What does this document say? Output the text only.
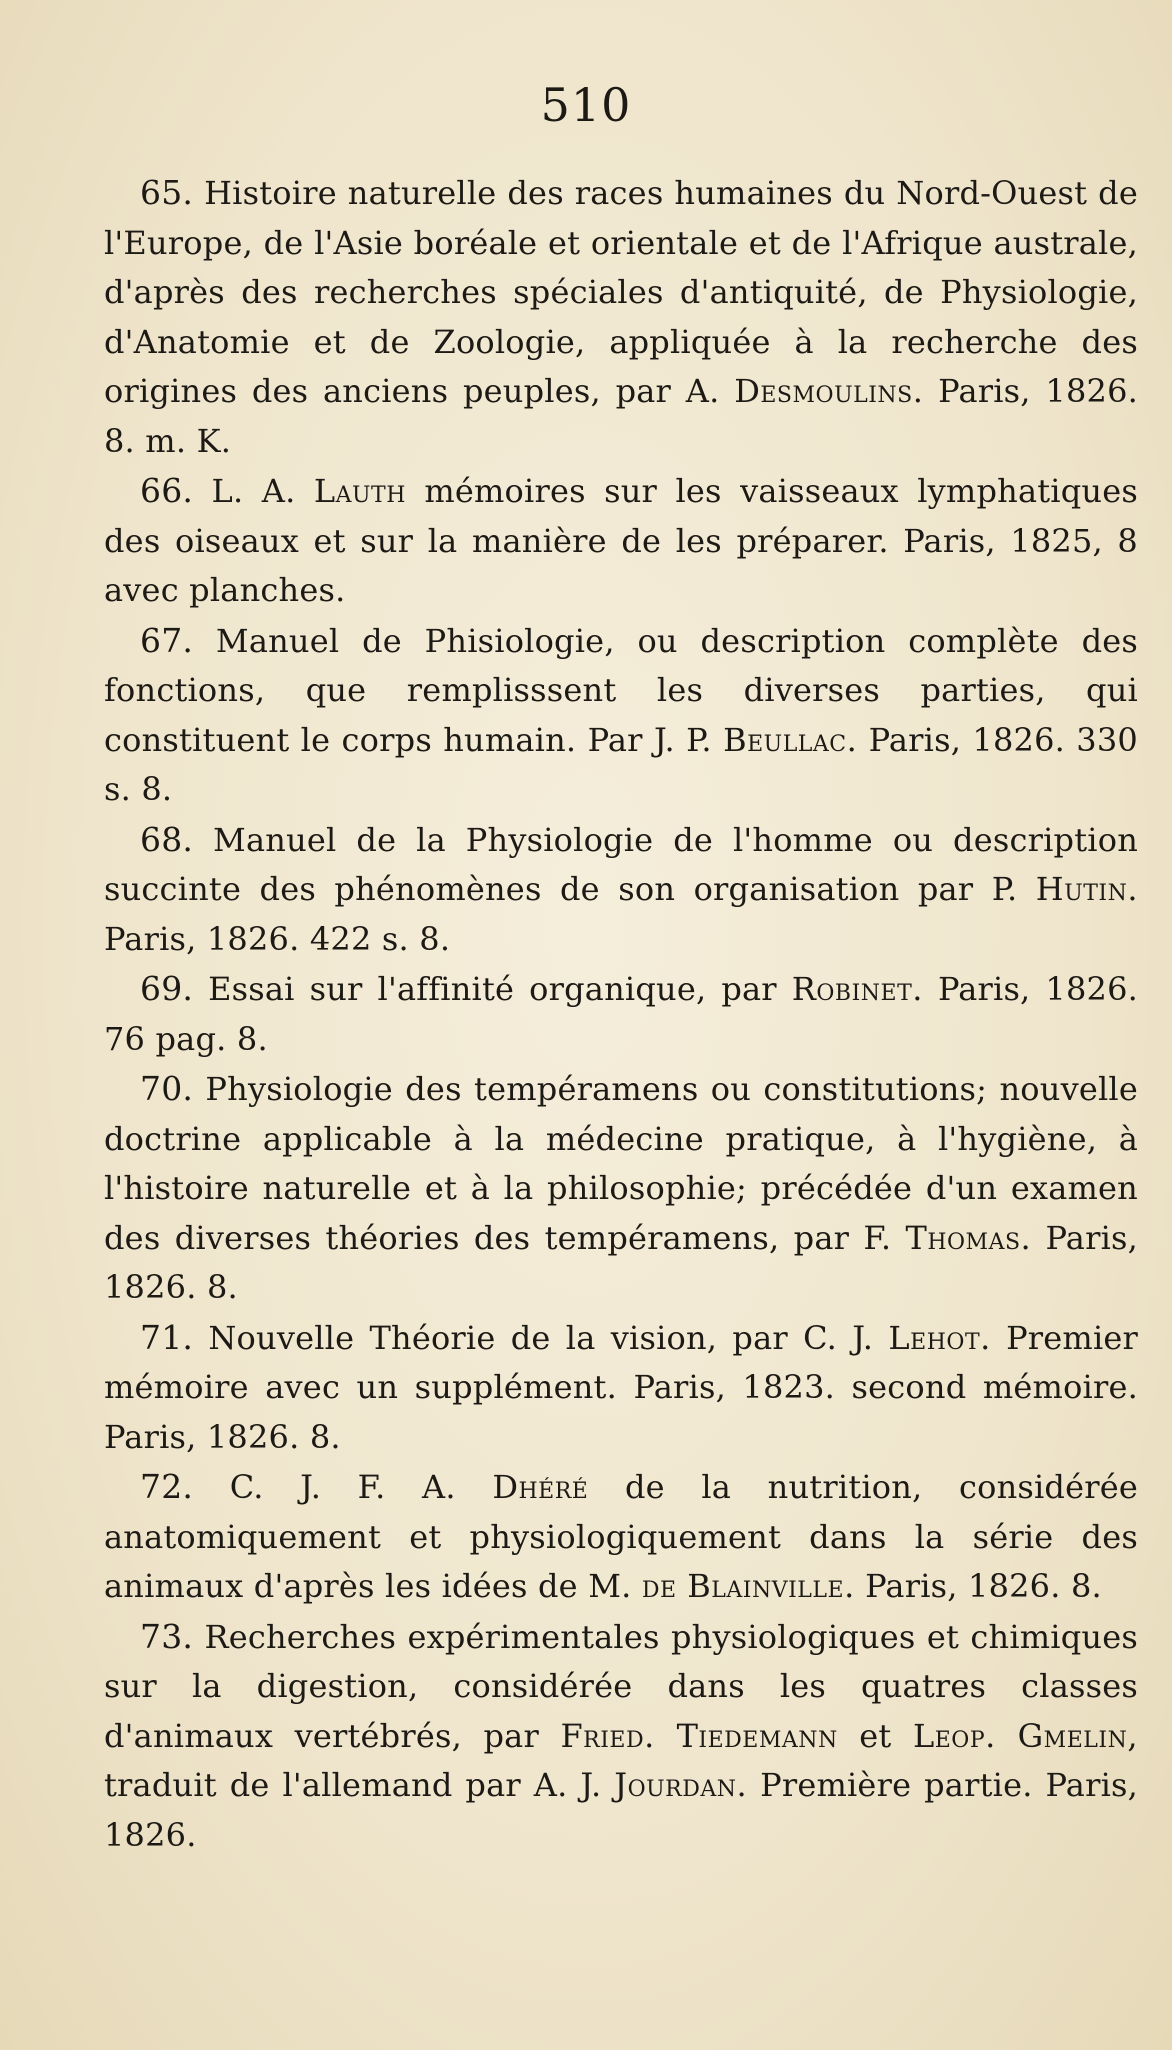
510

65. Histoire naturelle des races humaines du Nord-Ouest de l'Europe, de l'Asie boréale et orientale et de l'Afrique australe, d'après des recherches spéciales d'antiquité, de Physiologie, d'Anatomie et de Zoologie, appliquée à la recherche des origines des anciens peuples, par A. Desmoulins. Paris, 1826. 8. m. K.

66. L. A. Lauth mémoires sur les vaisseaux lymphatiques des oiseaux et sur la manière de les préparer. Paris, 1825, 8 avec planches.

67. Manuel de Phisiologie, ou description complète des fonctions, que remplisssent les diverses parties, qui constituent le corps humain. Par J. P. Beullac. Paris, 1826. 330 s. 8.

68. Manuel de la Physiologie de l'homme ou description succinte des phénomènes de son organisation par P. Hutin. Paris, 1826. 422 s. 8.

69. Essai sur l'affinité organique, par Robinet. Paris, 1826. 76 pag. 8.

70. Physiologie des tempéramens ou constitutions; nouvelle doctrine applicable à la médecine pratique, à l'hygiène, à l'histoire naturelle et à la philosophie; précédée d'un examen des diverses théories des tempéramens, par F. Thomas. Paris, 1826. 8.

71. Nouvelle Théorie de la vision, par C. J. Lehot. Premier mémoire avec un supplément. Paris, 1823. second mémoire. Paris, 1826. 8.

72. C. J. F. A. Dhéré de la nutrition, considérée anatomiquement et physiologiquement dans la série des animaux d'après les idées de M. de Blainville. Paris, 1826. 8.

73. Recherches expérimentales physiologiques et chimiques sur la digestion, considérée dans les quatres classes d'animaux vertébrés, par Fried. Tiedemann et Leop. Gmelin, traduit de l'allemand par A. J. Jourdan. Première partie. Paris, 1826.
